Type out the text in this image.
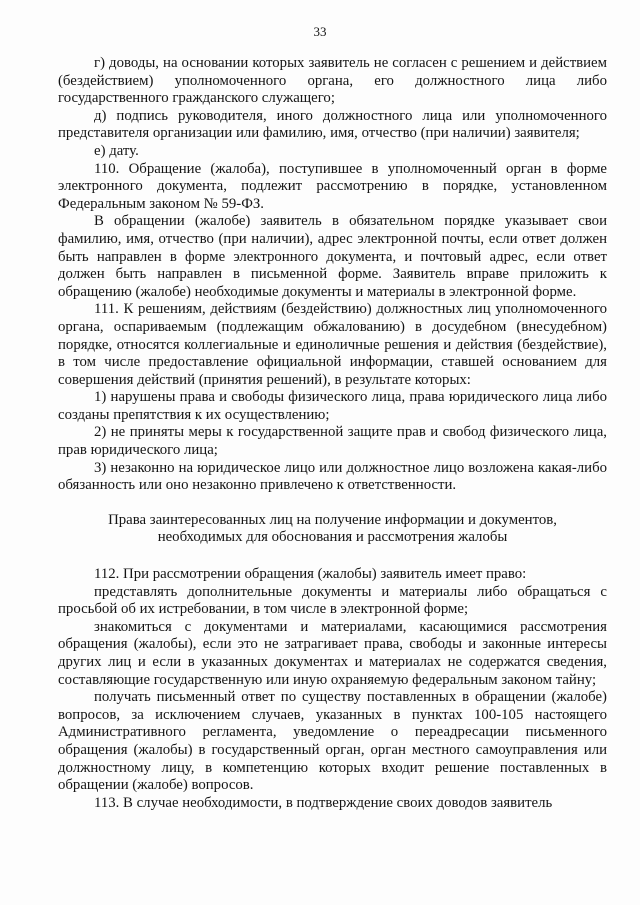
33

г) доводы, на основании которых заявитель не согласен с решением и действием (бездействием) уполномоченного органа, его должностного лица либо государственного гражданского служащего;

д) подпись руководителя, иного должностного лица или уполномоченного представителя организации или фамилию, имя, отчество (при наличии) заявителя;

е) дату.

110. Обращение (жалоба), поступившее в уполномоченный орган в форме электронного документа, подлежит рассмотрению в порядке, установленном Федеральным законом № 59-ФЗ.

В обращении (жалобе) заявитель в обязательном порядке указывает свои фамилию, имя, отчество (при наличии), адрес электронной почты, если ответ должен быть направлен в форме электронного документа, и почтовый адрес, если ответ должен быть направлен в письменной форме. Заявитель вправе приложить к обращению (жалобе) необходимые документы и материалы в электронной форме.

111. К решениям, действиям (бездействию) должностных лиц уполномоченного органа, оспариваемым (подлежащим обжалованию) в досудебном (внесудебном) порядке, относятся коллегиальные и единоличные решения и действия (бездействие), в том числе предоставление официальной информации, ставшей основанием для совершения действий (принятия решений), в результате которых:

1) нарушены права и свободы физического лица, права юридического лица либо созданы препятствия к их осуществлению;

2) не приняты меры к государственной защите прав и свобод физического лица, прав юридического лица;

3) незаконно на юридическое лицо или должностное лицо возложена какая-либо обязанность или оно незаконно привлечено к ответственности.

Права заинтересованных лиц на получение информации и документов,
необходимых для обоснования и рассмотрения жалобы

112. При рассмотрении обращения (жалобы) заявитель имеет право:

представлять дополнительные документы и материалы либо обращаться с просьбой об их истребовании, в том числе в электронной форме;

знакомиться с документами и материалами, касающимися рассмотрения обращения (жалобы), если это не затрагивает права, свободы и законные интересы других лиц и если в указанных документах и материалах не содержатся сведения, составляющие государственную или иную охраняемую федеральным законом тайну;

получать письменный ответ по существу поставленных в обращении (жалобе) вопросов, за исключением случаев, указанных в пунктах 100-105 настоящего Административного регламента, уведомление о переадресации письменного обращения (жалобы) в государственный орган, орган местного самоуправления или должностному лицу, в компетенцию которых входит решение поставленных в обращении (жалобе) вопросов.

113. В случае необходимости, в подтверждение своих доводов заявитель
